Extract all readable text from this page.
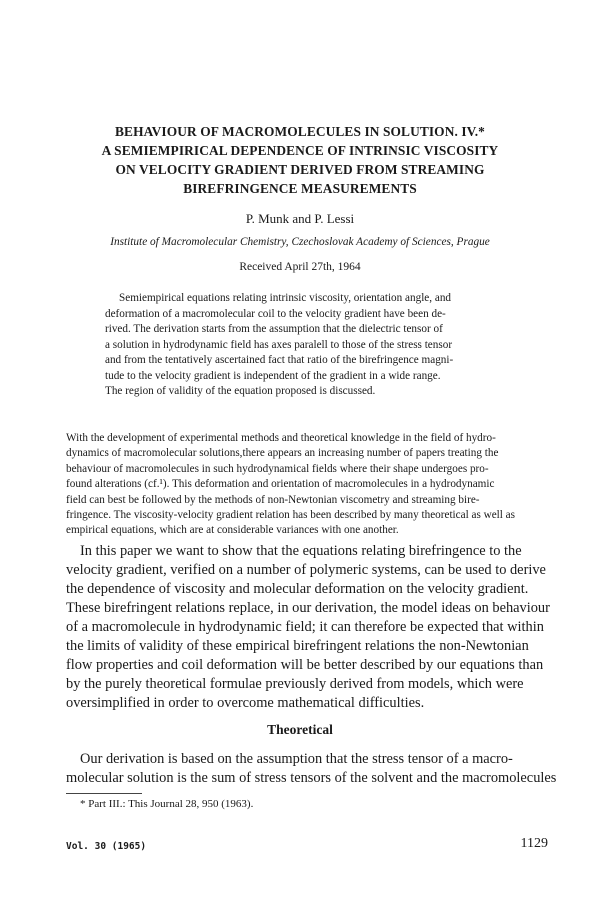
BEHAVIOUR OF MACROMOLECULES IN SOLUTION. IV.*
A SEMIEMPIRICAL DEPENDENCE OF INTRINSIC VISCOSITY
ON VELOCITY GRADIENT DERIVED FROM STREAMING
BIREFRINGENCE MEASUREMENTS
P. Munk and P. Lessi
Institute of Macromolecular Chemistry, Czechoslovak Academy of Sciences, Prague
Received April 27th, 1964
Semiempirical equations relating intrinsic viscosity, orientation angle, and
deformation of a macromolecular coil to the velocity gradient have been de-
rived. The derivation starts from the assumption that the dielectric tensor of
a solution in hydrodynamic field has axes paralell to those of the stress tensor
and from the tentatively ascertained fact that ratio of the birefringence magni-
tude to the velocity gradient is independent of the gradient in a wide range.
The region of validity of the equation proposed is discussed.
With the development of experimental methods and theoretical knowledge in the field of hydro-
dynamics of macromolecular solutions,there appears an increasing number of papers treating the
behaviour of macromolecules in such hydrodynamical fields where their shape undergoes pro-
found alterations (cf.¹). This deformation and orientation of macromolecules in a hydrodynamic
field can best be followed by the methods of non-Newtonian viscometry and streaming bire-
fringence. The viscosity-velocity gradient relation has been described by many theoretical as well as
empirical equations, which are at considerable variances with one another.
In this paper we want to show that the equations relating birefringence to the
velocity gradient, verified on a number of polymeric systems, can be used to derive
the dependence of viscosity and molecular deformation on the velocity gradient.
These birefringent relations replace, in our derivation, the model ideas on behaviour
of a macromolecule in hydrodynamic field; it can therefore be expected that within
the limits of validity of these empirical birefringent relations the non-Newtonian
flow properties and coil deformation will be better described by our equations than
by the purely theoretical formulae previously derived from models, which were
oversimplified in order to overcome mathematical difficulties.
Theoretical
Our derivation is based on the assumption that the stress tensor of a macro-
molecular solution is the sum of stress tensors of the solvent and the macromolecules
* Part III.: This Journal 28, 950 (1963).
Vol. 30 (1965)	1129
